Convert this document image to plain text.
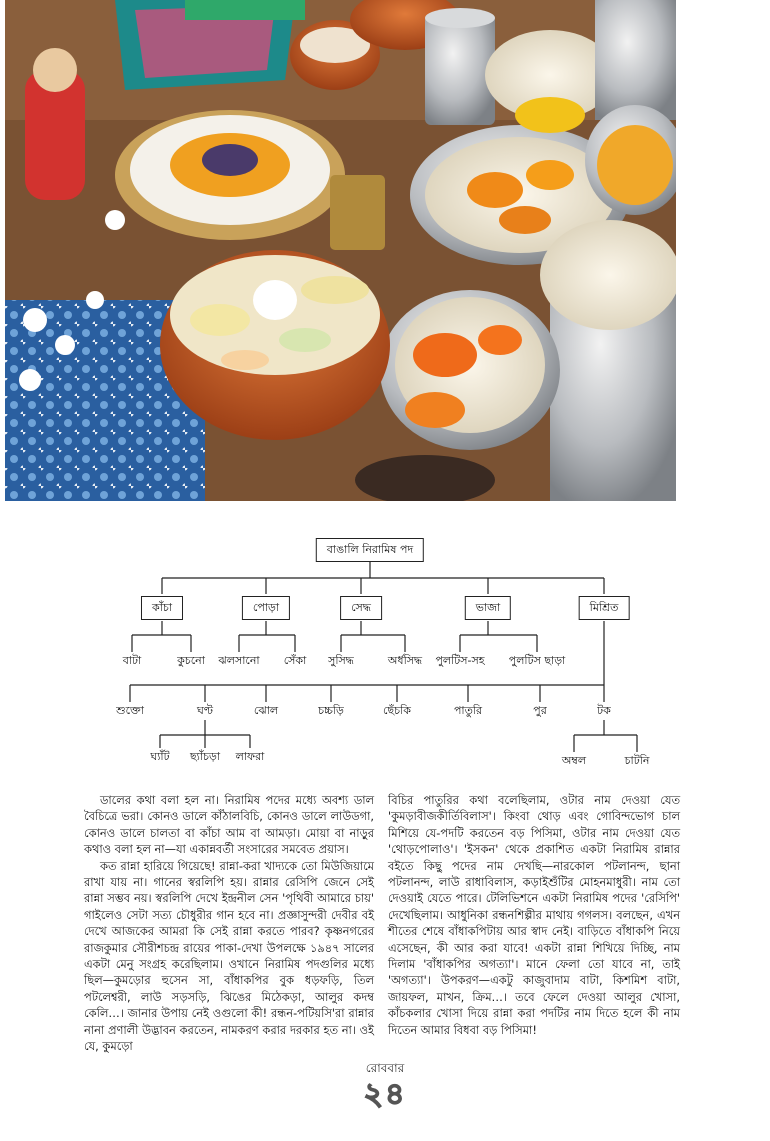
বাঙালি নিরামিষ পদ
কাঁচা	পোড়া	সেদ্ধ	ভাজা	মিশ্রিত
বাটা	কুচনো ঝলসানো সেঁকা সুসিদ্ধ	অর্ধসিদ্ধ পুলটিস-সহ পুলটিস ছাড়া
শুক্তো	ঘণ্ট	ঝোল	চচ্চড়ি	ছেঁচকি	পাতুরি	পুর	টক
ঘ্যাঁট ছ্যাঁচড়া লাফরা	অম্বল	চাটনি

ডালের কথা বলা হল না। নিরামিষ পদের মধ্যে অবশ্য ডাল বৈচিত্রে ভরা। কোনও ডালে কাঁঠালবিচি, কোনও ডালে লাউডগা, কোনও ডালে চালতা বা কাঁচা আম বা আমড়া। মোয়া বা নাড়ুর কথাও বলা হল না—যা একান্নবর্তী সংসারের সমবেত প্রয়াস।

কত রান্না হারিয়ে গিয়েছে! রান্না-করা খাদ্যকে তো মিউজিয়ামে রাখা যায় না। গানের স্বরলিপি হয়। রান্নার রেসিপি জেনে সেই রান্না সম্ভব নয়। স্বরলিপি দেখে ইন্দ্রনীল সেন 'পৃথিবী আমারে চায়' গাইলেও সেটা সত্য চৌধুরীর গান হবে না। প্রজ্ঞাসুন্দরী দেবীর বই দেখে আজকের আমরা কি সেই রান্না করতে পারব? কৃষ্ণনগরের রাজকুমার সৌরীশচন্দ্র রায়ের পাকা-দেখা উপলক্ষে ১৯৪৭ সালের একটা মেনু সংগ্রহ করেছিলাম। ওখানে নিরামিষ পদগুলির মধ্যে ছিল—কুমড়োর হুসেন সা, বাঁধাকপির বুক ধড়ফড়ি, তিল পটলেশ্বরী, লাউ সড়সড়ি, ঝিঙের মিঠেকড়া, আলুর কদম্ব কেলি…। জানার উপায় নেই ওগুলো কী! রন্ধন-পটিয়সি'রা রান্নার নানা প্রণালী উদ্ভাবন করতেন, নামকরণ করার দরকার হত না। ওই যে, কুমড়ো

বিচির পাতুরির কথা বলেছিলাম, ওটার নাম দেওয়া যেত 'কুমড়াবীজকীর্তিবিলাস'। কিংবা থোড় এবং গোবিন্দভোগ চাল মিশিয়ে যে-পদটি করতেন বড় পিসিমা, ওটার নাম দেওয়া যেত 'থোড়পোলাও'। 'ইসকন' থেকে প্রকাশিত একটা নিরামিষ রান্নার বইতে কিছু পদের নাম দেখছি—নারকোল পটলানন্দ, ছানা পটলানন্দ, লাউ রাধাবিলাস, কড়াইশুঁটির মোহনমাধুরী। নাম তো দেওয়াই যেতে পারে। টেলিভিশনে একটা নিরামিষ পদের 'রেসিপি' দেখেছিলাম। আধুনিকা রন্ধনশিল্পীর মাথায় গগলস। বলছেন, এখন শীতের শেষে বাঁধাকপিটায় আর স্বাদ নেই। বাড়িতে বাঁধাকপি নিয়ে এসেছেন, কী আর করা যাবে! একটা রান্না শিখিয়ে দিচ্ছি, নাম দিলাম 'বাঁধাকপির অগত্যা'। মানে ফেলা তো যাবে না, তাই 'অগত্যা'। উপকরণ—একটু কাজুবাদাম বাটা, কিশমিশ বাটা, জায়ফল, মাখন, ক্রিম…। তবে ফেলে দেওয়া আলুর খোসা, কাঁচকলার খোসা দিয়ে রান্না করা পদটির নাম দিতে হলে কী নাম দিতেন আমার বিধবা বড় পিসিমা!

রোববার
২৪
